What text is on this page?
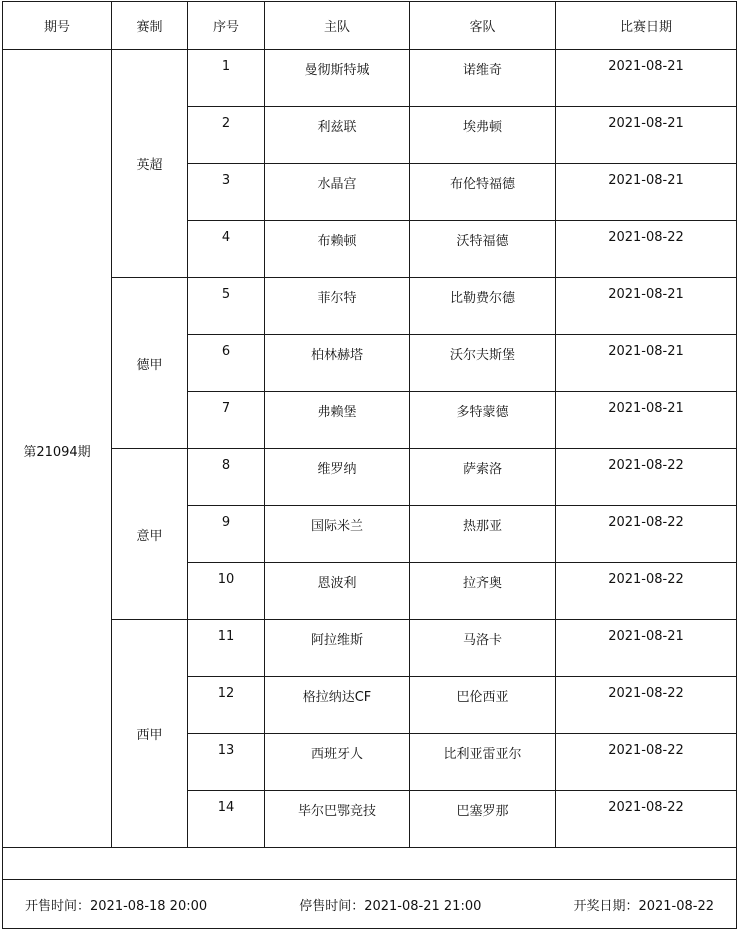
期号	赛制	序号	主队	客队	比赛日期
第21094期	英超	1	曼彻斯特城	诺维奇	2021-08-21
		2	利兹联	埃弗顿	2021-08-21
		3	水晶宫	布伦特福德	2021-08-21
		4	布赖顿	沃特福德	2021-08-22
	德甲	5	菲尔特	比勒费尔德	2021-08-21
		6	柏林赫塔	沃尔夫斯堡	2021-08-21
		7	弗赖堡	多特蒙德	2021-08-21
	意甲	8	维罗纳	萨索洛	2021-08-22
		9	国际米兰	热那亚	2021-08-22
		10	恩波利	拉齐奥	2021-08-22
	西甲	11	阿拉维斯	马洛卡	2021-08-21
		12	格拉纳达CF	巴伦西亚	2021-08-22
		13	西班牙人	比利亚雷亚尔	2021-08-22
		14	毕尔巴鄂竞技	巴塞罗那	2021-08-22

开售时间：2021-08-18 20:00 停售时间：2021-08-21 21:00 开奖日期：2021-08-22					
